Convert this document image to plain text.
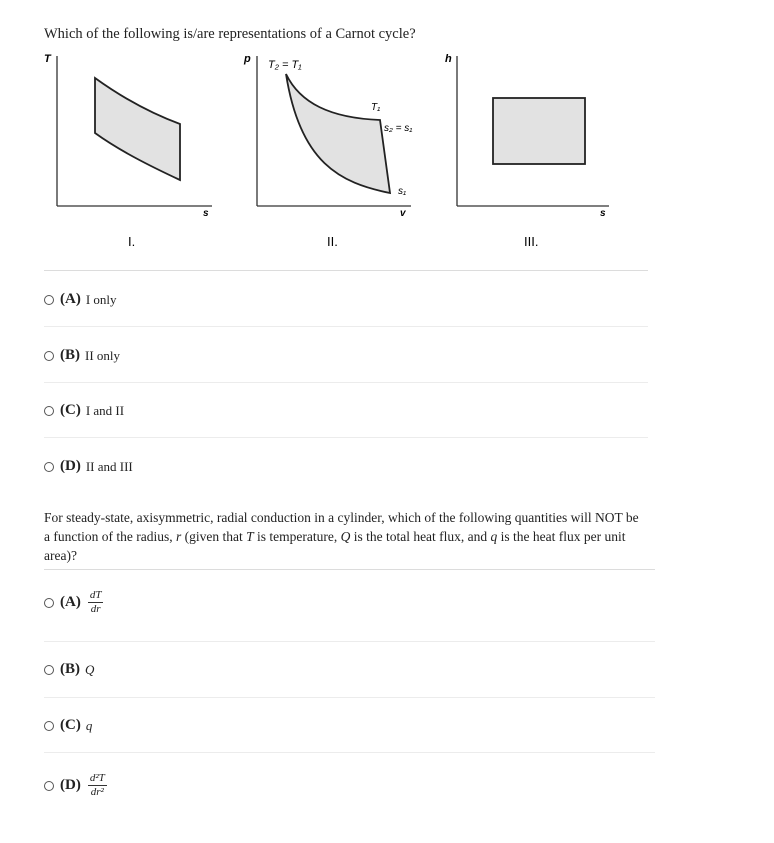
Which of the following is/are representations of a Carnot cycle?
T
s
I.
p T₂ = T₁
v
T₁
s₂ = s₁
s₁
II.
h
s
III.
(A) I only
(B) II only
(C) I and II
(D) II and III
For steady-state, axisymmetric, radial conduction in a cylinder, which of the following quantities will NOT be a function of the radius, r (given that T is temperature, Q is the total heat flux, and q is the heat flux per unit area)?
$(A) \frac{dT}{dr}$
(B) Q
(C) q
$(D) \frac{\text{d²T}}{\text{dr²}}$
